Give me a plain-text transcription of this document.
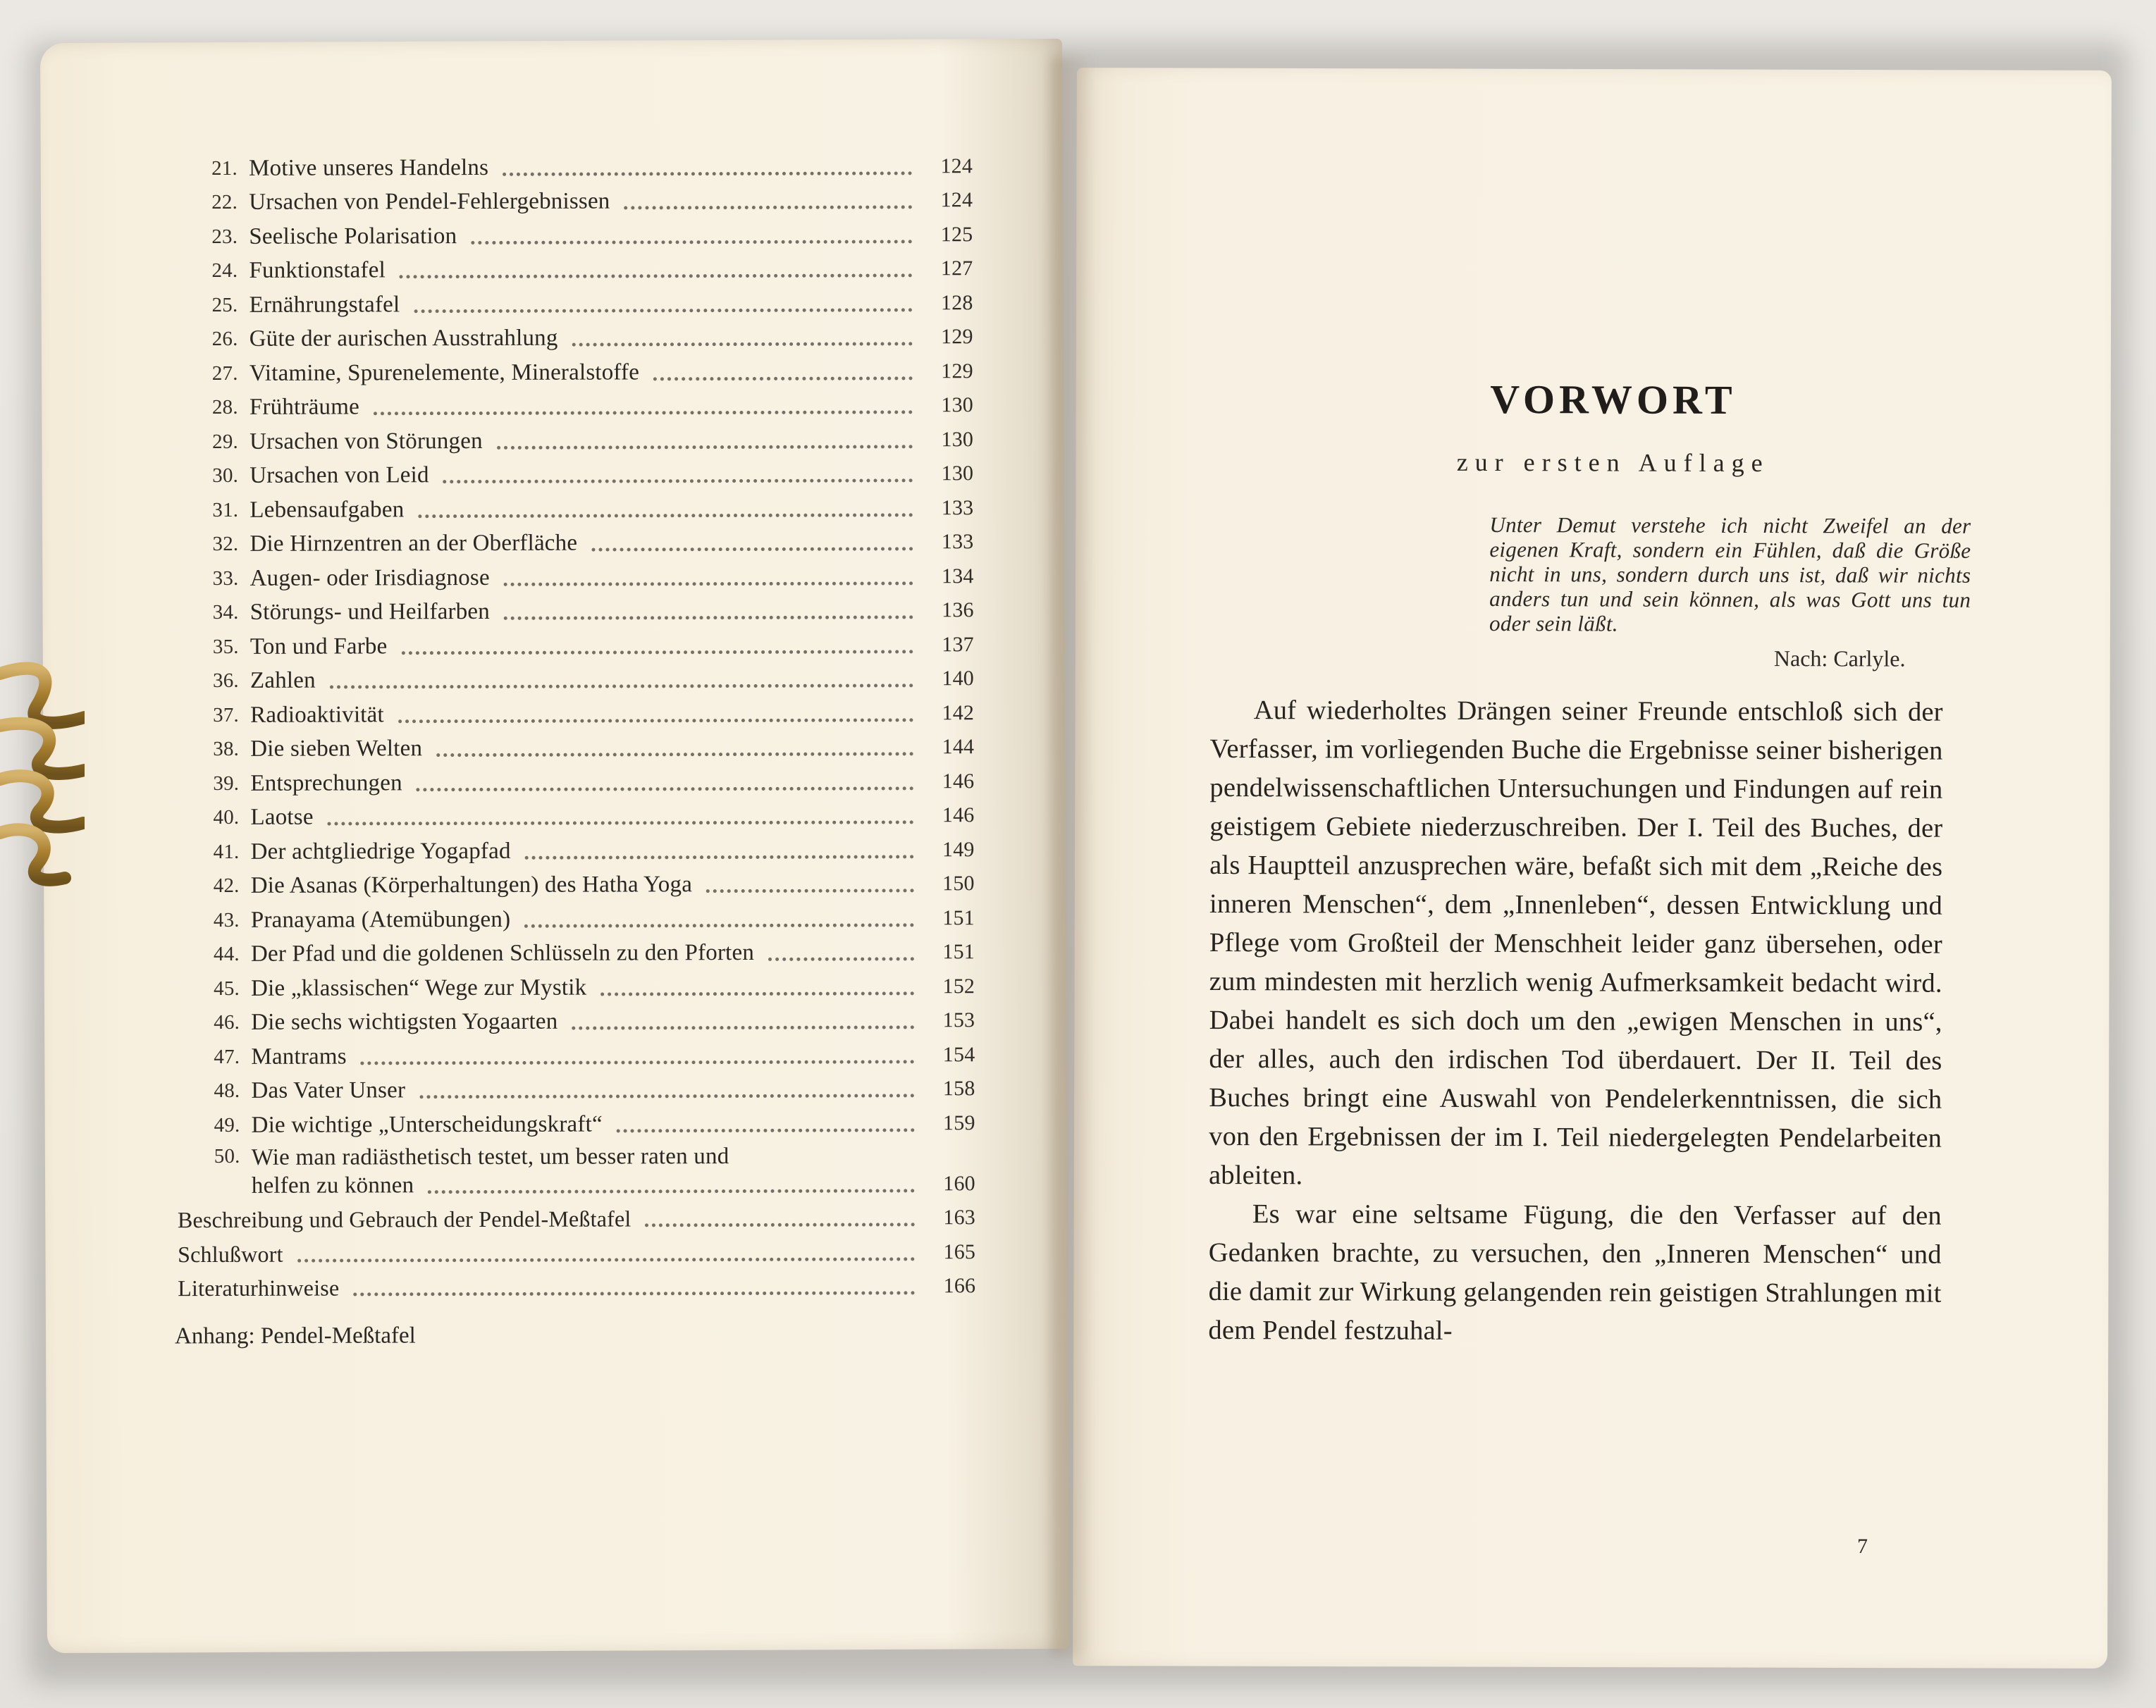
21. Motive unseres Handelns	124
22. Ursachen von Pendel-Fehlergebnissen	124
23. Seelische Polarisation	125
24. Funktionstafel	127
25. Ernährungstafel	128
26. Güte der aurischen Ausstrahlung	129
27. Vitamine, Spurenelemente, Mineralstoffe	129
28. Frühträume	130
29. Ursachen von Störungen	130
30. Ursachen von Leid	130
31. Lebensaufgaben	133
32. Die Hirnzentren an der Oberfläche	133
33. Augen- oder Irisdiagnose	134
34. Störungs- und Heilfarben	136
35. Ton und Farbe	137
36. Zahlen	140
37. Radioaktivität	142
38. Die sieben Welten	144
39. Entsprechungen	146
40. Laotse	146
41. Der achtgliedrige Yogapfad	149
42. Die Asanas (Körperhaltungen) des Hatha Yoga	150
43. Pranayama (Atemübungen)	151
44. Der Pfad und die goldenen Schlüsseln zu den Pforten	151
45. Die „klassischen“ Wege zur Mystik	152
46. Die sechs wichtigsten Yogaarten	153
47. Mantrams	154
48. Das Vater Unser	158
49. Die wichtige „Unterscheidungskraft“	159
50. Wie man radiästhetisch testet, um besser raten und
helfen zu können	160
Beschreibung und Gebrauch der Pendel-Meßtafel	163
Schlußwort	165
Literaturhinweise	166
Anhang: Pendel-Meßtafel
VORWORT
zur ersten Auflage
Unter Demut verstehe ich nicht Zweifel an der eigenen Kraft, sondern ein Fühlen, daß die Größe nicht in uns, sondern durch uns ist, daß wir nichts anders tun und sein können, als was Gott uns tun oder sein läßt.
Nach: Carlyle.

Auf wiederholtes Drängen seiner Freunde entschloß sich der Verfasser, im vorliegenden Buche die Ergebnisse seiner bisherigen pendelwissenschaftlichen Untersuchungen und Findungen auf rein geistigem Gebiete niederzuschreiben. Der I. Teil des Buches, der als Hauptteil anzusprechen wäre, befaßt sich mit dem „Reiche des inneren Menschen“, dem „Innenleben“, dessen Entwicklung und Pflege vom Großteil der Menschheit leider ganz übersehen, oder zum mindesten mit herzlich wenig Aufmerksamkeit bedacht wird. Dabei handelt es sich doch um den „ewigen Menschen in uns“, der alles, auch den irdischen Tod überdauert. Der II. Teil des Buches bringt eine Auswahl von Pendelerkenntnissen, die sich von den Ergebnissen der im I. Teil niedergelegten Pendelarbeiten ableiten.

Es war eine seltsame Fügung, die den Verfasser auf den Gedanken brachte, zu versuchen, den „Inneren Menschen“ und die damit zur Wirkung gelangenden rein geistigen Strahlungen mit dem Pendel festzuhal-

7
